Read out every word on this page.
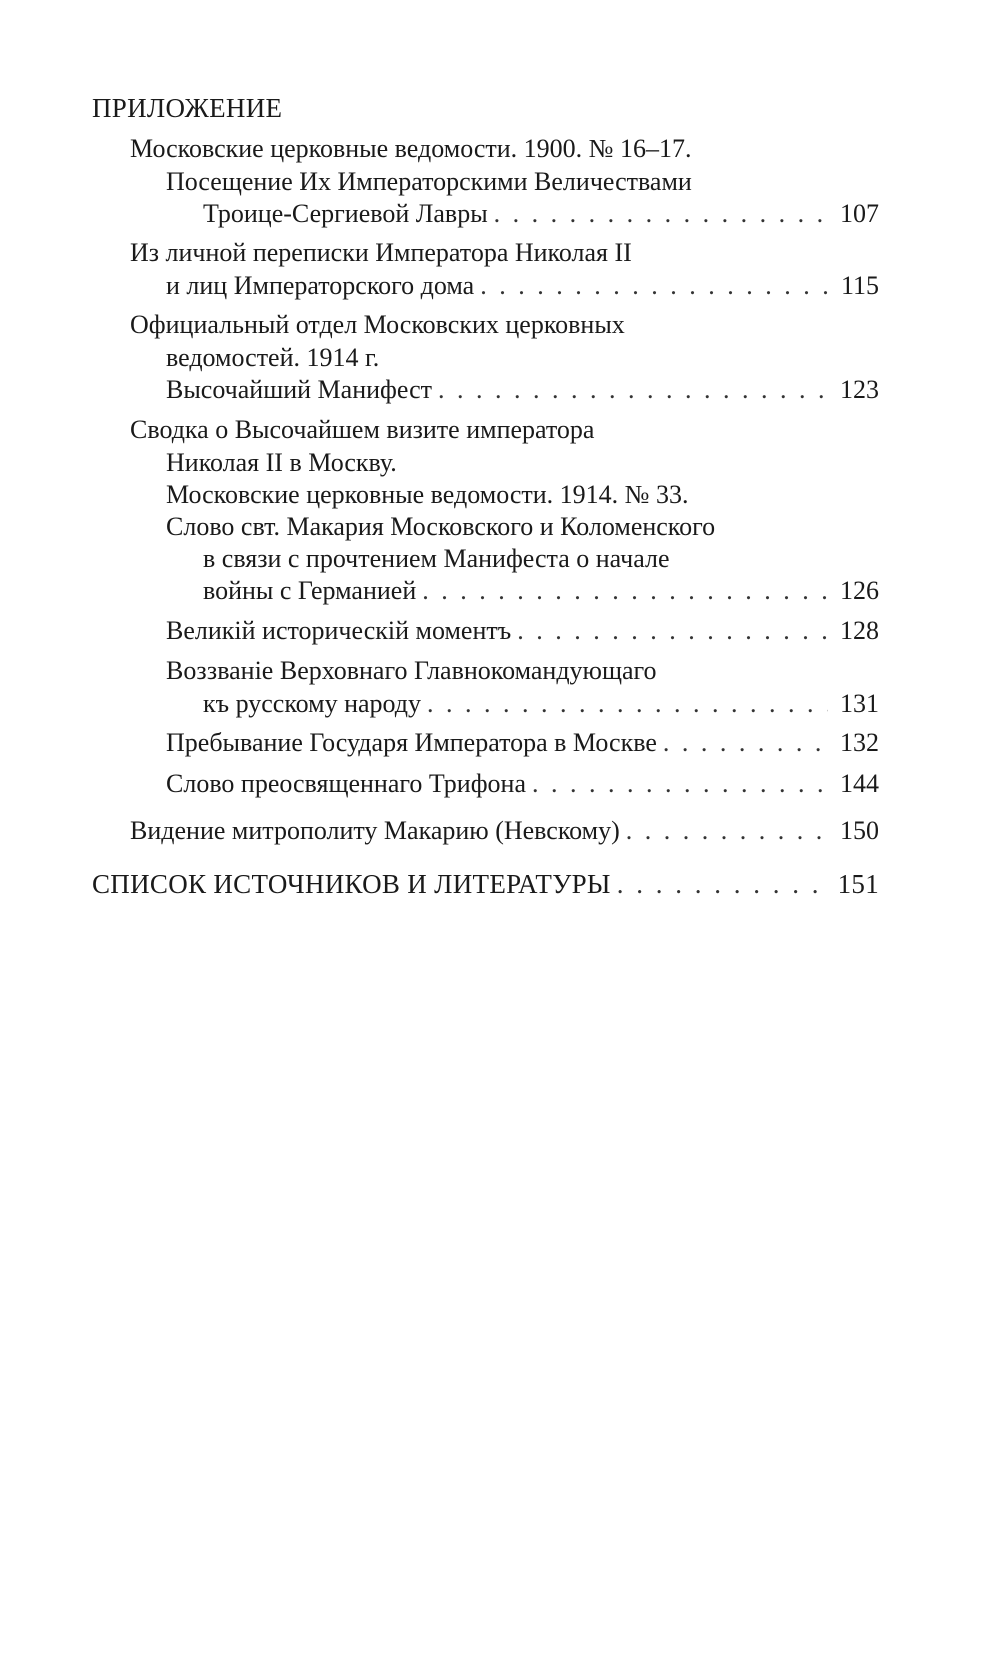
ПРИЛОЖЕНИЕ
Московские церковные ведомости. 1900. № 16–17.
Посещение Их Императорскими Величествами
Троице-Сергиевой Лавры . . .	107
Из личной переписки Императора Николая II
и лиц Императорского дома . . .	115
Официальный отдел Московских церковных
ведомостей. 1914 г.
Высочайший Манифест . . .	123
Сводка о Высочайшем визите императора
Николая II в Москву.
Московские церковные ведомости. 1914. № 33.
Слово свт. Макария Московского и Коломенского
в связи с прочтением Манифеста о начале
войны с Германией . . .	126
Великiй историческiй моментъ . . .	128
Воззванiе Верховнаго Главнокомандующаго
къ русскому народу . . .	131
Пребывание Государя Императора в Москве . . .	132
Слово преосвященнаго Трифона . . .	144
Видение митрополиту Макарию (Невскому) . . .	150
СПИСОК ИСТОЧНИКОВ И ЛИТЕРАТУРЫ . . .	151
